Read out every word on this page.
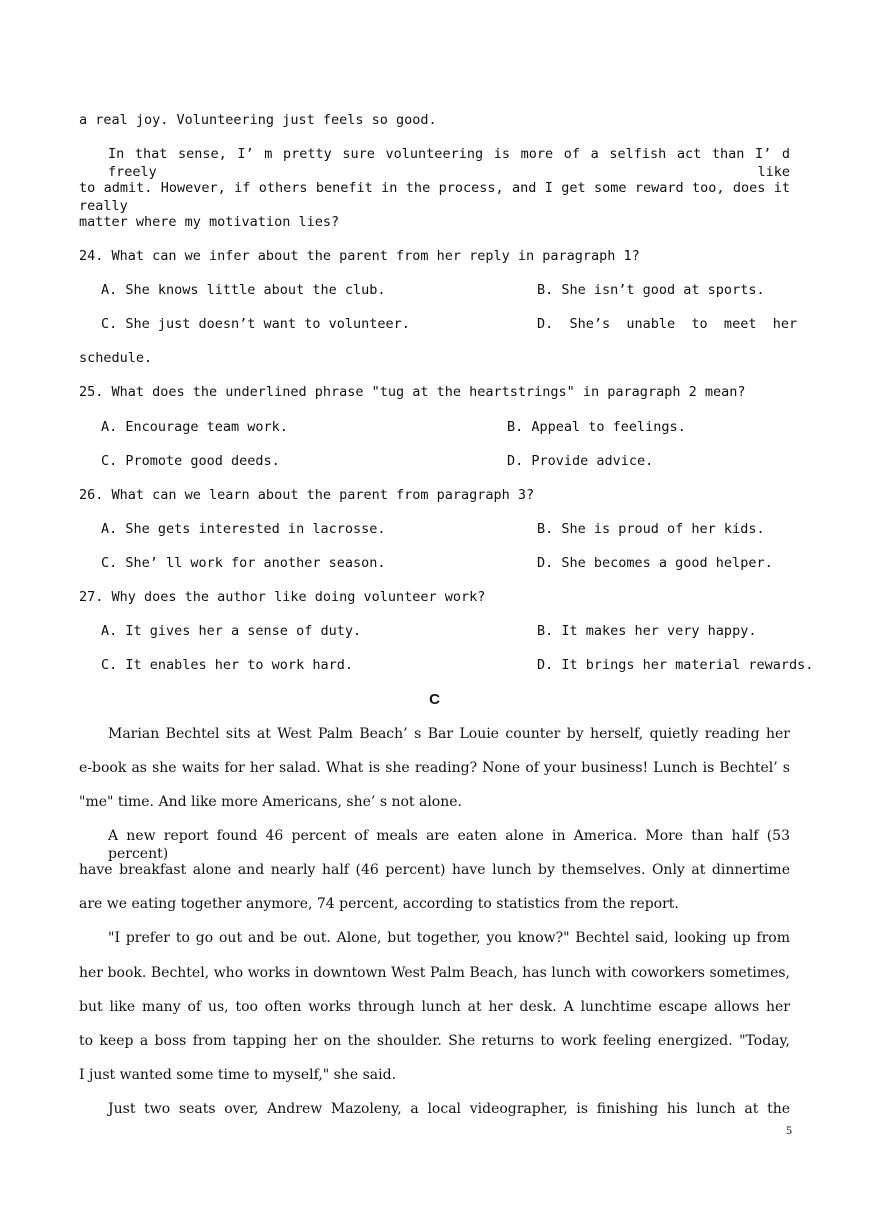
a real joy. Volunteering just feels so good.
In that sense, I’ m pretty sure volunteering is more of a selfish act than I’ d freely like
to admit. However, if others benefit in the process, and I get some reward too, does it really
matter where my motivation lies?
24. What can we infer about the parent from her reply in paragraph 1?
A. She knows little about the club.	B. She isn’t good at sports.
C. She just doesn’t want to volunteer.	D.  She’s  unable  to  meet  her
schedule.
25. What does the underlined phrase "tug at the heartstrings" in paragraph 2 mean?
A. Encourage team work.	B. Appeal to feelings.
C. Promote good deeds.	D. Provide advice.
26. What can we learn about the parent from paragraph 3?
A. She gets interested in lacrosse.	B. She is proud of her kids.
C. She’ ll work for another season.	D. She becomes a good helper.
27. Why does the author like doing volunteer work?
A. It gives her a sense of duty.	B. It makes her very happy.
C. It enables her to work hard.	D. It brings her material rewards.
C
Marian Bechtel sits at West Palm Beach’ s Bar Louie counter by herself, quietly reading her
e-book as she waits for her salad. What is she reading? None of your business! Lunch is Bechtel’ s
"me" time. And like more Americans, she’ s not alone.
A new report found 46 percent of meals are eaten alone in America. More than half (53 percent)
have breakfast alone and nearly half (46 percent) have lunch by themselves. Only at dinnertime
are we eating together anymore, 74 percent, according to statistics from the report.
"I prefer to go out and be out. Alone, but together, you know?" Bechtel said, looking up from
her book. Bechtel, who works in downtown West Palm Beach, has lunch with coworkers sometimes,
but like many of us, too often works through lunch at her desk. A lunchtime escape allows her
to keep a boss from tapping her on the shoulder. She returns to work feeling energized. "Today,
I just wanted some time to myself," she said.
Just two seats over, Andrew Mazoleny, a local videographer, is finishing his lunch at the
5
